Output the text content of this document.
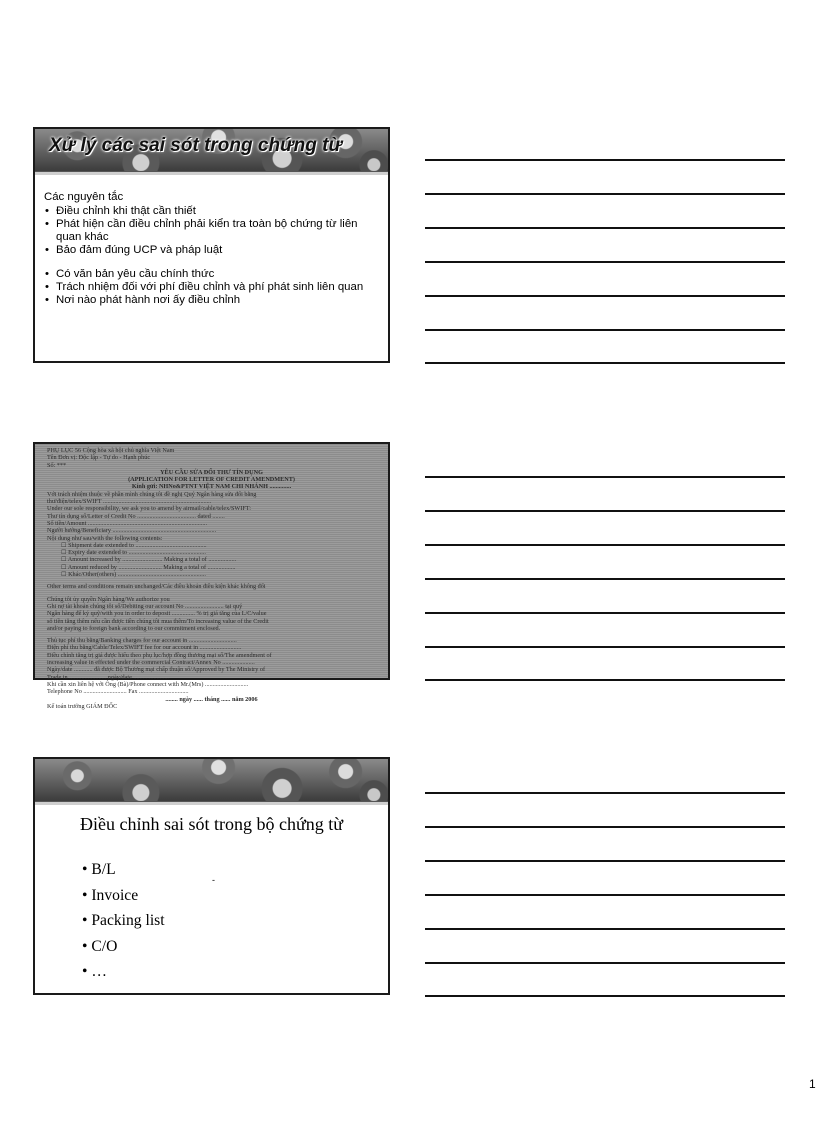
Xử lý các sai sót trong chứng từ

Các nguyên tắc

• Điều chỉnh khi thật cần thiết
• Phát hiện cần điều chỉnh phải kiển tra toàn bộ chứng từ liên quan khác
• Bảo đảm đúng UCP và pháp luật
• Có văn bản yêu cầu chính thức
• Trách nhiệm đối với phí điều chỉnh và phí phát sinh liên quan
• Nơi nào phát hành nơi ấy điều chỉnh
PHỤ LỤC 56 Cộng hòa xã hội chủ nghĩa Việt Nam
Tên Đơn vị: Độc lập - Tự do - Hạnh phúc
Số: ***
YÊU CẦU SỬA ĐỔI THƯ TÍN DỤNG
(APPLICATION FOR LETTER OF CREDIT AMENDMENT)
Kính gửi: NHNo&PTNT VIỆT NAM CHI NHÁNH ..............
Với trách nhiệm thuộc về phần mình chúng tôi đề nghị Quý Ngân hàng sửa đổi bằng
thư/điện/telex/SWIFT ......................................................................
Under our sole responsibility, we ask you to amend by airmail/cable/telex/SWIFT:
Thư tín dụng số/Letter of Credit No ...................................... dated ........
Số tiền/Amount .............................................................................
Người hưởng/Beneficiary ...................................................................
Nội dung như sau/with the following contents:
☐ Shipment date extended to ..............................................
☐ Expiry date extended to ..................................................
☐ Amount increased by .......................... Making a total of ..................
☐ Amount reduced by ............................ Making a total of ..................
☐ Khác/Other(others) .........................................................
Other terms and conditions remain unchanged/Các điều khoản điều kiện khác không đổi
Chúng tôi ủy quyền Ngân hàng/We authorize you
Ghi nợ tài khoản chúng tôi số/Debiting our account No ......................... tại quý
Ngân hàng để ký quỹ/with you in order to deposit ............... % trị giá tăng của L/C/value
số tiền tăng thêm nếu cần được tiền chúng tôi mua thêm/To increasing value of the Credit
and/or paying to foreign bank according to our commitment enclosed.
Thủ tục phí thu bằng/Banking charges for our account in ...............................
Điện phí thu bằng/Cable/Telex/SWIFT fee for our account in ...........................
Điều chỉnh tăng trị giá được hiểu theo phụ lục/hợp đồng thương mại số/The amendment of
increasing value in effected under the commercial Contract/Annex No .....................
Ngày/date ............ đã được Bộ Thương mại chấp thuận số/Approved by The Ministry of
Trade in ........................ ngày/date .......................
Khi cần xin liên hệ với Ông (Bà)/Phone connect with Mr.(Mrs) ............................
Telephone No ............................ Fax ................................
........ ngày ...... tháng ...... năm 2006
Kế toán trưởng GIÁM ĐỐC

Điều chỉnh sai sót trong bộ chứng từ

• B/L
• Invoice
• Packing list
• C/O
• …
-
1
